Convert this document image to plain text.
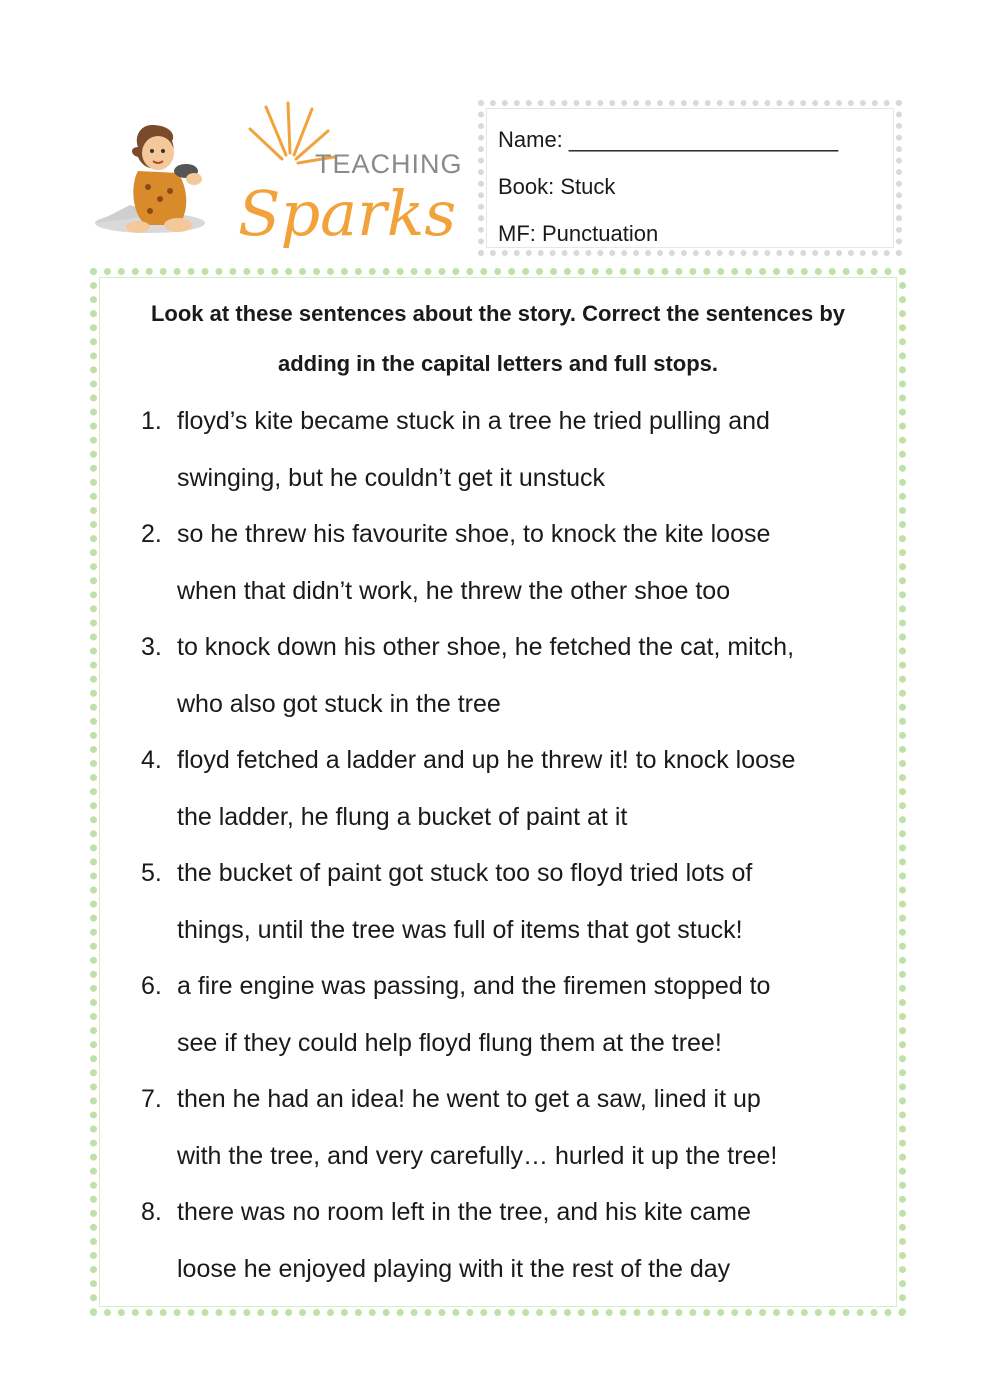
TEACHING
Sparks
Name: ______________________
Book: Stuck
MF: Punctuation
Look at these sentences about the story. Correct the sentences by
adding in the capital letters and full stops.
1. floyd’s kite became stuck in a tree he tried pulling and
swinging, but he couldn’t get it unstuck
2. so he threw his favourite shoe, to knock the kite loose
when that didn’t work, he threw the other shoe too
3. to knock down his other shoe, he fetched the cat, mitch,
who also got stuck in the tree
4. floyd fetched a ladder and up he threw it! to knock loose
the ladder, he flung a bucket of paint at it
5. the bucket of paint got stuck too so floyd tried lots of
things, until the tree was full of items that got stuck!
6. a fire engine was passing, and the firemen stopped to
see if they could help floyd flung them at the tree!
7. then he had an idea! he went to get a saw, lined it up
with the tree, and very carefully… hurled it up the tree!
8. there was no room left in the tree, and his kite came
loose he enjoyed playing with it the rest of the day
